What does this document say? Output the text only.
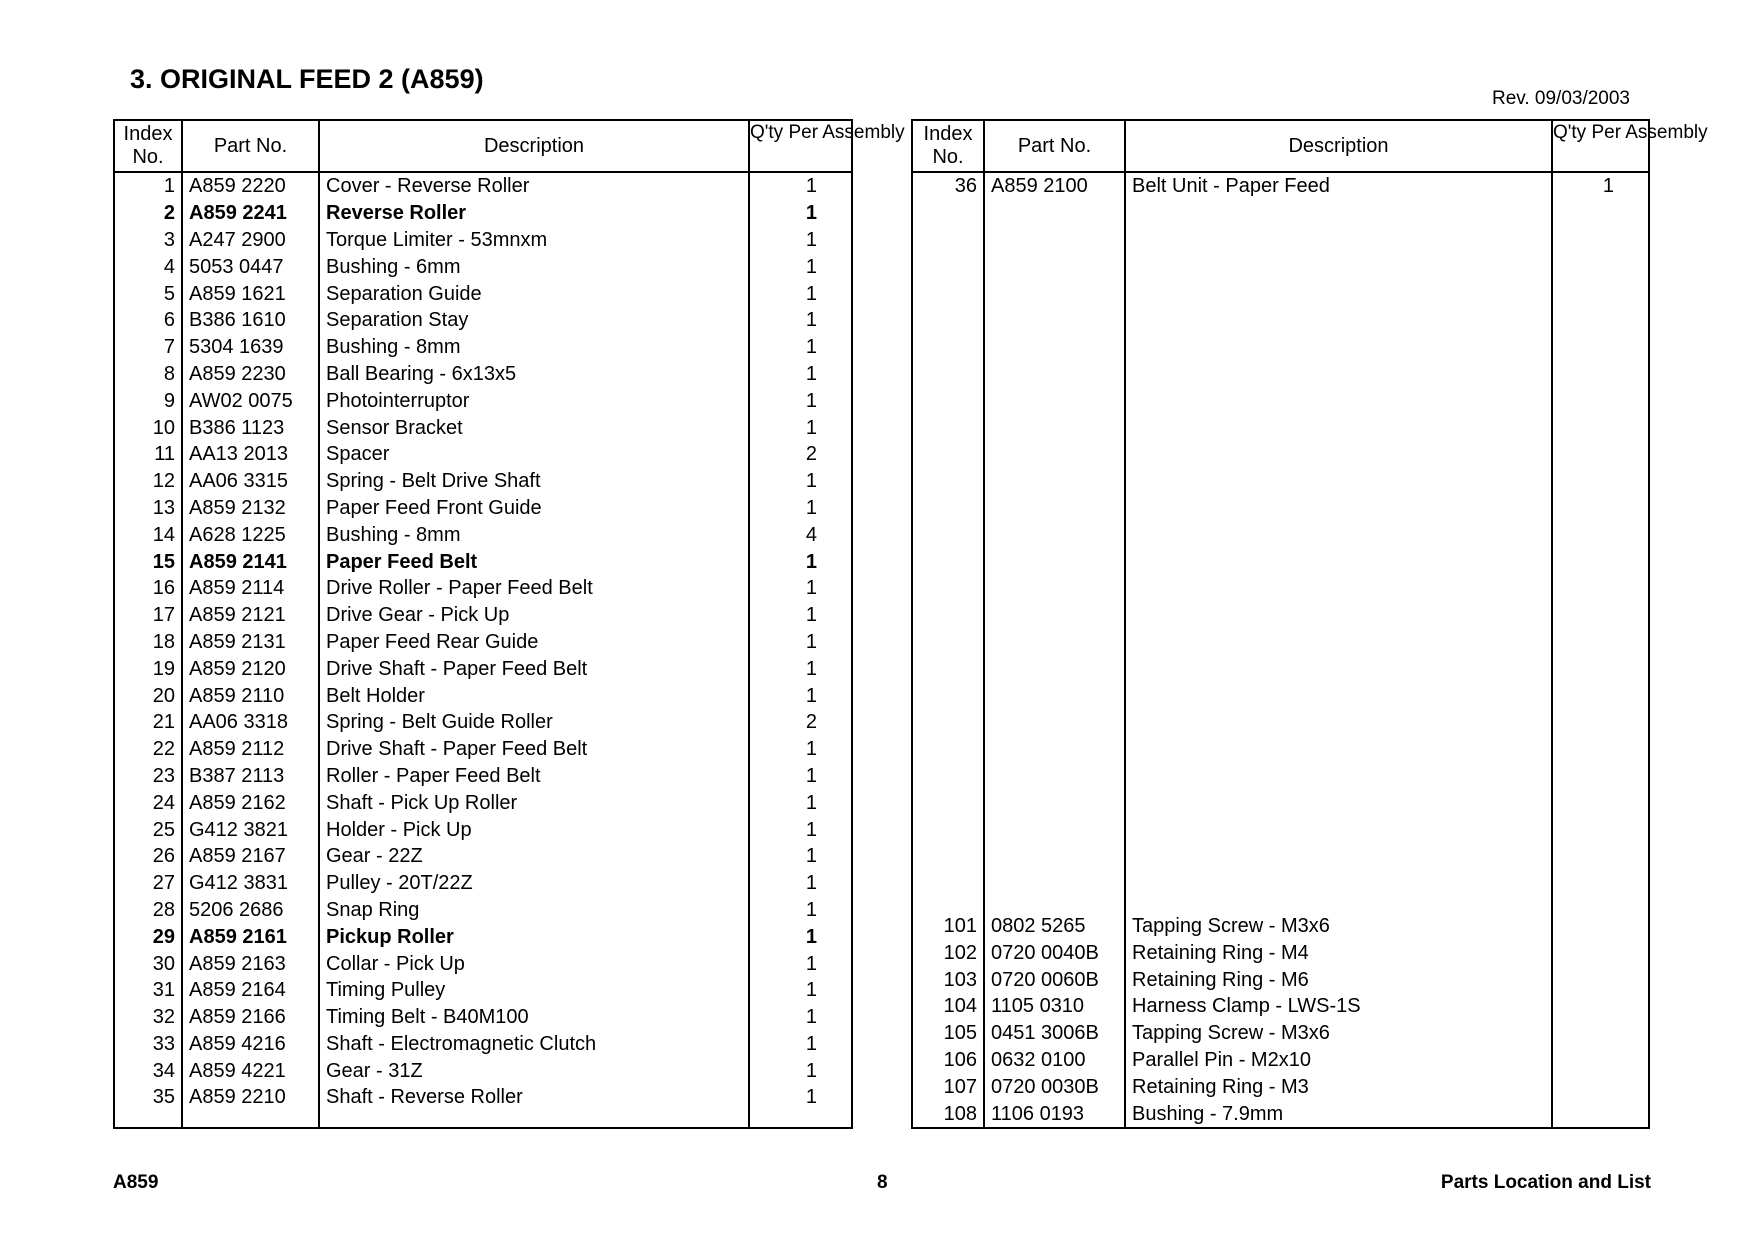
3. ORIGINAL FEED 2 (A859)
Rev. 09/03/2003
Index No.	Part No.	Description	Q'ty Per Assembly
1	A859 2220	Cover - Reverse Roller	1
2	A859 2241	Reverse Roller	1
3	A247 2900	Torque Limiter - 53mnxm	1
4	5053 0447	Bushing - 6mm	1
5	A859 1621	Separation Guide	1
6	B386 1610	Separation Stay	1
7	5304 1639	Bushing - 8mm	1
8	A859 2230	Ball Bearing - 6x13x5	1
9	AW02 0075	Photointerruptor	1
10	B386 1123	Sensor Bracket	1
11	AA13 2013	Spacer	2
12	AA06 3315	Spring - Belt Drive Shaft	1
13	A859 2132	Paper Feed Front Guide	1
14	A628 1225	Bushing - 8mm	4
15	A859 2141	Paper Feed Belt	1
16	A859 2114	Drive Roller - Paper Feed Belt	1
17	A859 2121	Drive Gear - Pick Up	1
18	A859 2131	Paper Feed Rear Guide	1
19	A859 2120	Drive Shaft - Paper Feed Belt	1
20	A859 2110	Belt Holder	1
21	AA06 3318	Spring - Belt Guide Roller	2
22	A859 2112	Drive Shaft - Paper Feed Belt	1
23	B387 2113	Roller - Paper Feed Belt	1
24	A859 2162	Shaft - Pick Up Roller	1
25	G412 3821	Holder - Pick Up	1
26	A859 2167	Gear - 22Z	1
27	G412 3831	Pulley - 20T/22Z	1
28	5206 2686	Snap Ring	1
29	A859 2161	Pickup Roller	1
30	A859 2163	Collar - Pick Up	1
31	A859 2164	Timing Pulley	1
32	A859 2166	Timing Belt - B40M100	1
33	A859 4216	Shaft - Electromagnetic Clutch	1
34	A859 4221	Gear - 31Z	1
35	A859 2210	Shaft - Reverse Roller	1

Index No.	Part No.	Description	Q'ty Per Assembly
36	A859 2100	Belt Unit - Paper Feed	1

101	0802 5265	Tapping Screw - M3x6	
102	0720 0040B	Retaining Ring - M4	
103	0720 0060B	Retaining Ring - M6	
104	1105 0310	Harness Clamp - LWS-1S	
105	0451 3006B	Tapping Screw - M3x6	
106	0632 0100	Parallel Pin - M2x10	
107	0720 0030B	Retaining Ring - M3	
108	1106 0193	Bushing - 7.9mm	
A859	8	Parts Location and List
